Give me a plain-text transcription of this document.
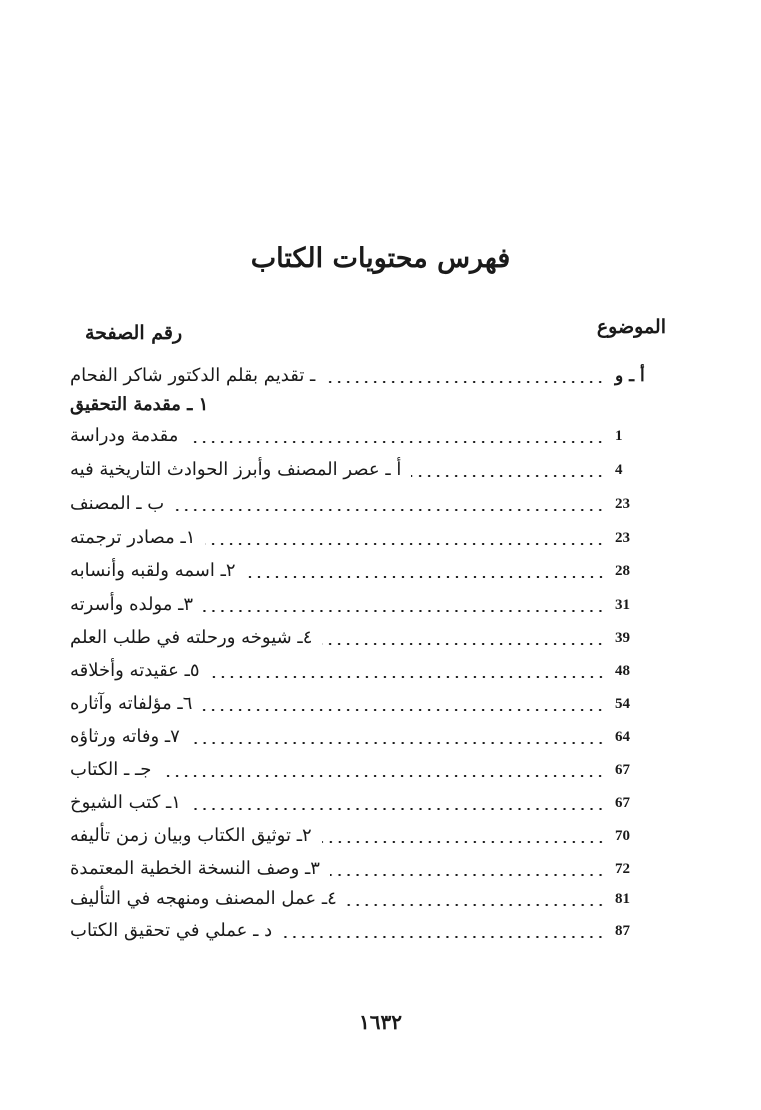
فهرس محتويات الكتاب
الموضوع
رقم الصفحة
ـ تقديم بقلم الدكتور شاكر الفحام	أ ـ و
١ ـ مقدمة التحقيق
مقدمة ودراسة	1
أ ـ عصر المصنف وأبرز الحوادث التاريخية فيه	4
ب ـ المصنف	23
١ـ مصادر ترجمته	23
٢ـ اسمه ولقبه وأنسابه	28
٣ـ مولده وأسرته	31
٤ـ شيوخه ورحلته في طلب العلم	39
٥ـ عقيدته وأخلاقه	48
٦ـ مؤلفاته وآثاره	54
٧ـ وفاته ورثاؤه	64
جـ ـ الكتاب	67
١ـ كتب الشيوخ	67
٢ـ توثيق الكتاب وبيان زمن تأليفه	70
٣ـ وصف النسخة الخطية المعتمدة	72
٤ـ عمل المصنف ومنهجه في التأليف	81
د ـ عملي في تحقيق الكتاب	87
١٦٣٢
